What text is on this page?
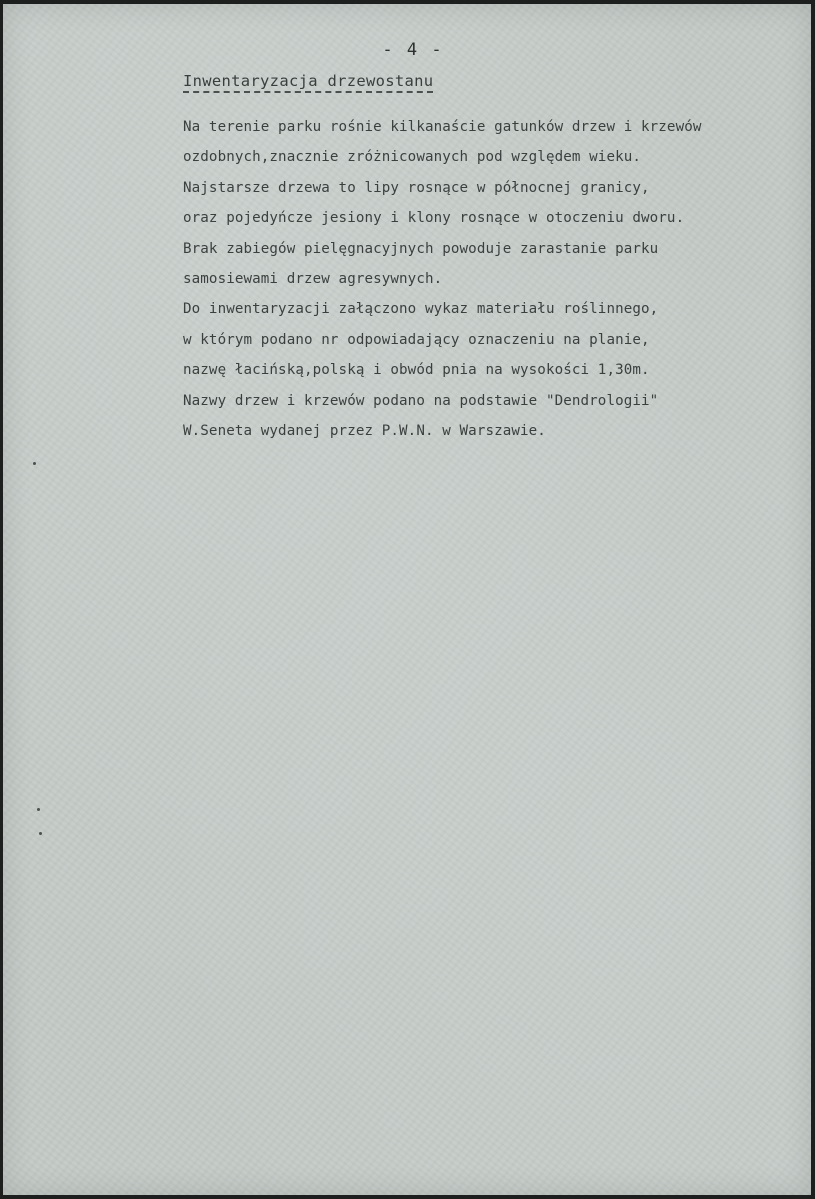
- 4 -
Inwentaryzacja drzewostanu
Na terenie parku rośnie kilkanaście gatunków drzew i krzewów
ozdobnych,znacznie zróżnicowanych pod względem wieku.
Najstarsze drzewa to lipy rosnące w północnej granicy,
oraz pojedyńcze jesiony i klony rosnące w otoczeniu dworu.
Brak zabiegów pielęgnacyjnych powoduje zarastanie parku
samosiewami drzew agresywnych.
Do inwentaryzacji załączono wykaz materiału roślinnego,
w którym podano nr odpowiadający oznaczeniu na planie,
nazwę łacińską,polską i obwód pnia na wysokości 1,30m.
Nazwy drzew i krzewów podano na podstawie "Dendrologii"
W.Seneta wydanej przez P.W.N. w Warszawie.
